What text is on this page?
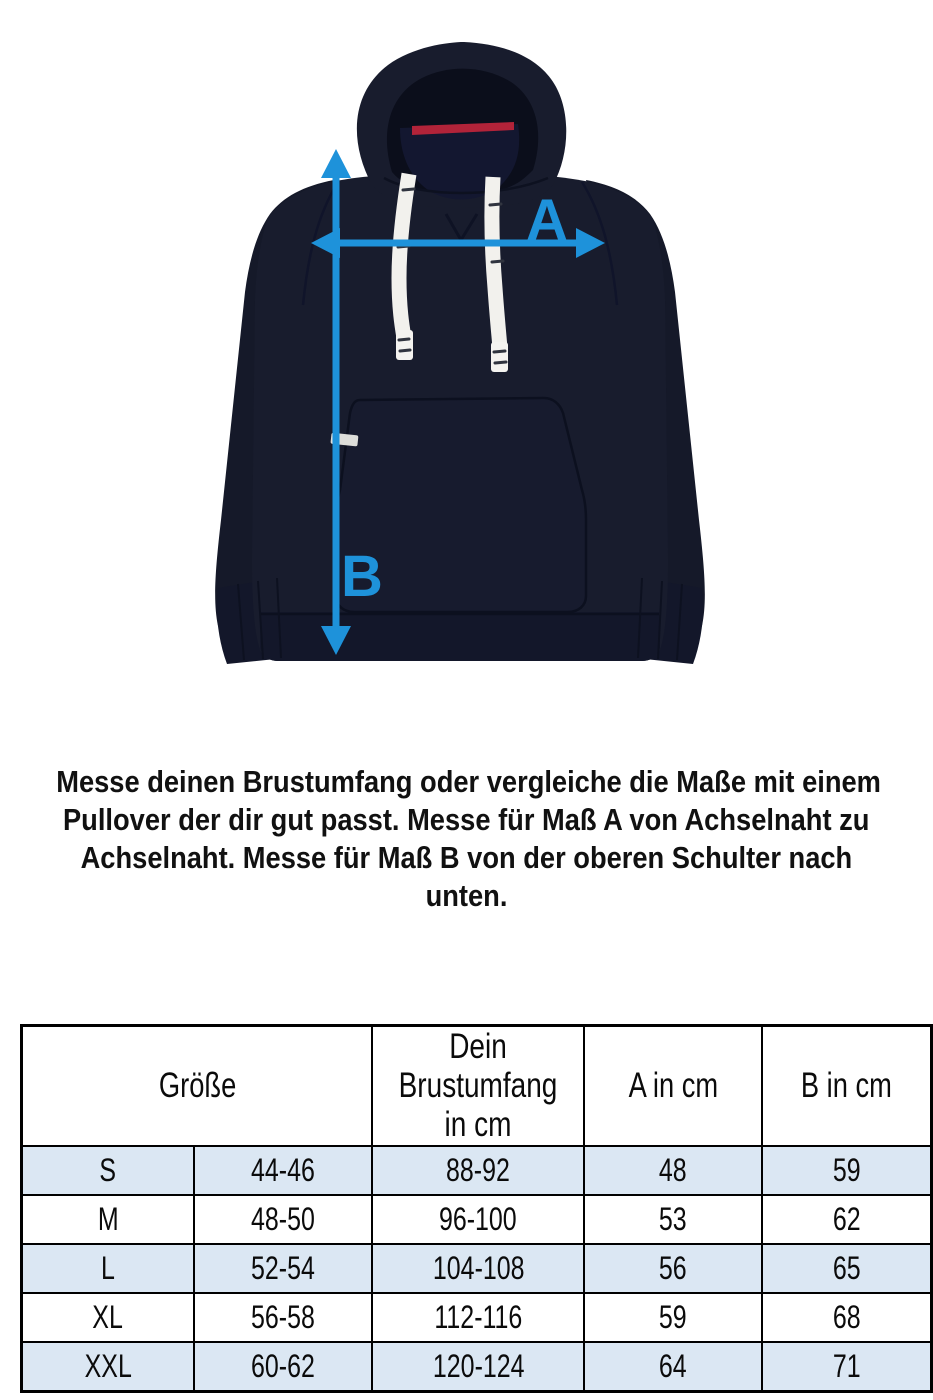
A
B
Messe deinen Brustumfang oder vergleiche die Maße mit einem
Pullover der dir gut passt. Messe für Maß A von Achselnaht zu
Achselnaht. Messe für Maß B von der oberen Schulter nach
unten.
Größe		Dein Brustumfang in cm	A in cm	B in cm
S	44-46	88-92	48	59
M	48-50	96-100	53	62
L	52-54	104-108	56	65
XL	56-58	112-116	59	68
XXL	60-62	120-124	64	71
